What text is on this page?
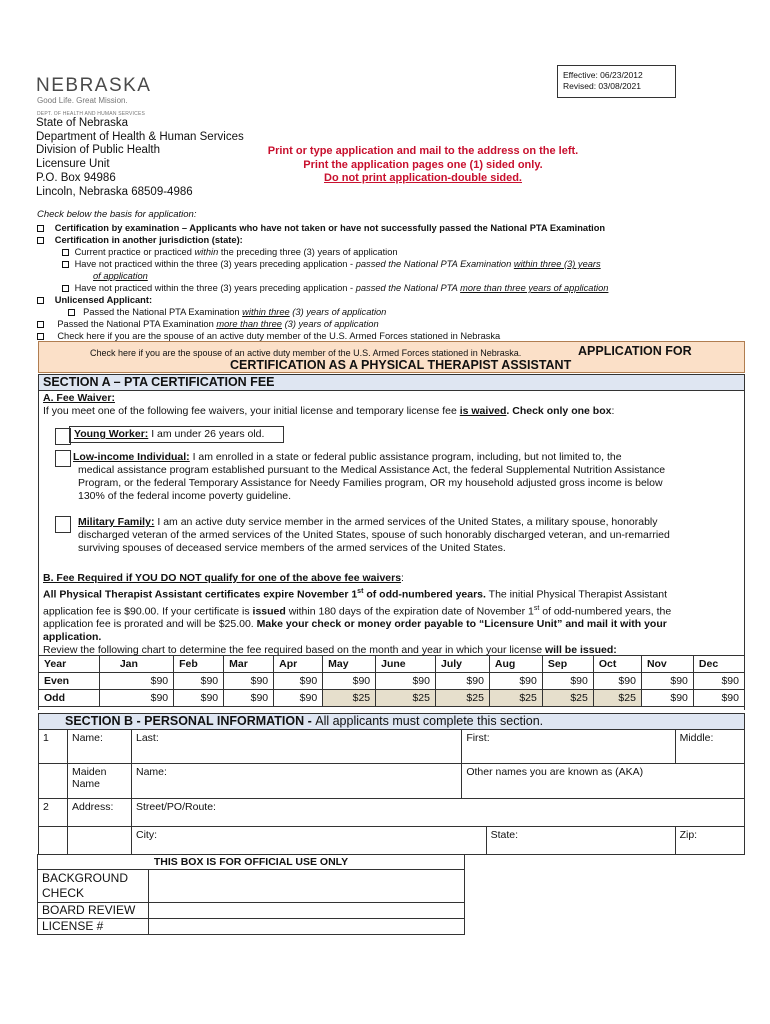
NEBRASKA
Good Life. Great Mission.
DEPT. OF HEALTH AND HUMAN SERVICES
Effective: 06/23/2012
Revised: 03/08/2021
State of Nebraska
Department of Health & Human Services
Division of Public Health
Licensure Unit
P.O. Box 94986
Lincoln, Nebraska 68509-4986
Print or type application and mail to the address on the left.
Print the application pages one (1) sided only.
Do not print application-double sided.
Check below the basis for application:
Certification by examination – Applicants who have not taken or have not successfully passed the National PTA Examination
Certification in another jurisdiction (state):
Current practice or practiced within the preceding three (3) years of application
Have not practiced within the three (3) years preceding application - passed the National PTA Examination within three (3) years
of application
Have not practiced within the three (3) years preceding application - passed the National PTA more than three years of application
Unlicensed Applicant:
Passed the National PTA Examination within three (3) years of application
Passed the National PTA Examination more than three (3) years of application
Check here if you are the spouse of an active duty member of the U.S. Armed Forces stationed in Nebraska
Check here if you are the spouse of an active duty member of the U.S. Armed Forces stationed in Nebraska.	APPLICATION FOR
CERTIFICATION AS A PHYSICAL THERAPIST ASSISTANT
SECTION A – PTA CERTIFICATION FEE
A. Fee Waiver:
If you meet one of the following fee waivers, your initial license and temporary license fee is waived. Check only one box:
Young Worker: I am under 26 years old.
Low-income Individual: I am enrolled in a state or federal public assistance program, including, but not limited to, the
medical assistance program established pursuant to the Medical Assistance Act, the federal Supplemental Nutrition Assistance
Program, or the federal Temporary Assistance for Needy Families program, OR my household adjusted gross income is below
130% of the federal income poverty guideline.
Military Family: I am an active duty service member in the armed services of the United States, a military spouse, honorably
discharged veteran of the armed services of the United States, spouse of such honorably discharged veteran, and un-remarried
surviving spouses of deceased service members of the armed services of the United States.
B. Fee Required if YOU DO NOT qualify for one of the above fee waivers:
All Physical Therapist Assistant certificates expire November 1st of odd-numbered years. The initial Physical Therapist Assistant
application fee is $90.00. If your certificate is issued within 180 days of the expiration date of November 1st of odd-numbered years, the
application fee is prorated and will be $25.00. Make your check or money order payable to “Licensure Unit” and mail it with your
application.
Review the following chart to determine the fee required based on the month and year in which your license will be issued:
Year	Jan	Feb	Mar	Apr	May	June	July	Aug	Sep	Oct	Nov	Dec
Even	$90	$90	$90	$90	$90	$90	$90	$90	$90	$90	$90	$90
Odd	$90	$90	$90	$90	$25	$25	$25	$25	$25	$25	$90	$90
SECTION B - PERSONAL INFORMATION - All applicants must complete this section.
1	Name:	Last:	First:		Middle:

	Maiden
Name	Name:	Other names you are known as (AKA)		
2	Address:	Street/PO/Route:			
		City:		State:	Zip:
THIS BOX IS FOR OFFICIAL USE ONLY	

BACKGROUND
CHECK	

BOARD REVIEW	
LICENSE #	
